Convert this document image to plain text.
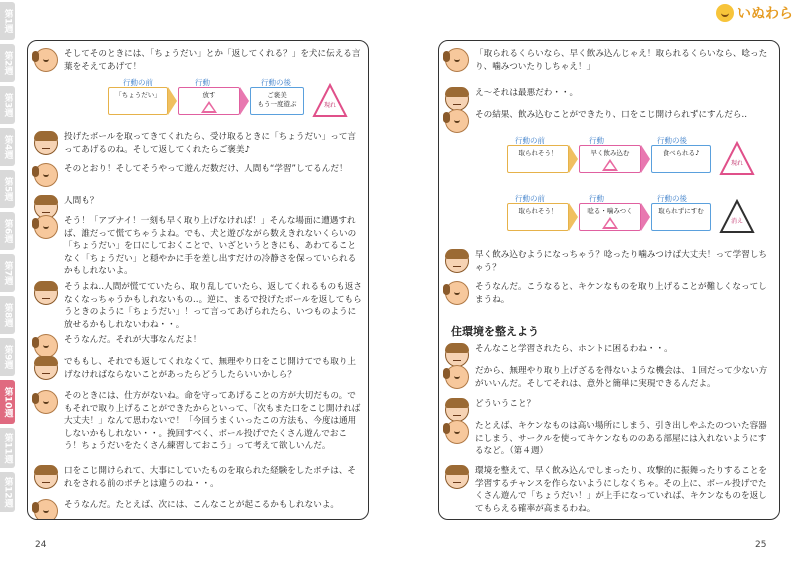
いぬわら
第1週
第2週
第3週
第4週
第5週
第6週
第7週
第8週
第9週
第10週
第11週
第12週
そしてそのときには、「ちょうだい」とか「返してくれる？」を犬に伝える言葉をそえてあげて！
行動の前	行動	行動の後
「ちょうだい」	放す	ご褒美
もう一度遊ぶ	現れ
投げたボールを取ってきてくれたら、受け取るときに「ちょうだい」って言ってあげるのね。そして返してくれたらご褒美♪
そのとおり！そしてそうやって遊んだ数だけ、人間も“学習”してるんだ！
人間も？
そう！「アブナイ！一刻も早く取り上げなければ！」そんな場面に遭遇すれば、誰だって慌てちゃうよね。でも、犬と遊びながら数えきれないくらいの「ちょうだい」を口にしておくことで、いざというときにも、あわてることなく「ちょうだい」と穏やかに手を差し出すだけの冷静さを保っていられるかもしれないよ。
そうよね‥人間が慌てていたら、取り乱していたら、返してくれるものも返さなくなっちゃうかもしれないもの‥。逆に、まるで投げたボールを返してもらうときのように「ちょうだい」！って言ってあげられたら、いつものように放せるかもしれないわね・・。
そうなんだ。それが大事なんだよ！
でももし、それでも返してくれなくて、無理やり口をこじ開けてでも取り上げなければならないことがあったらどうしたらいいかしら？
そのときには、仕方がないね。命を守ってあげることの方が大切だもの。でもそれで取り上げることができたからといって、「次もまた口をこじ開ければ大丈夫！」なんて思わないで！「今回うまくいったこの方法も、今度は通用しないかもしれない・・。挽回すべく、ボール投げでたくさん遊んでおこう！ちょうだいをたくさん練習しておこう」って考えて欲しいんだ。
口をこじ開けられて、大事にしていたものを取られた経験をしたポチは、それをされる前のポチとは違うのね・・。
そうなんだ。たとえば、次には、こんなことが起こるかもしれないよ。
「取られるくらいなら、早く飲み込んじゃえ！取られるくらいなら、唸ったり、噛みついたりしちゃえ！」
え〜それは最悪だわ・・。
その結果、飲み込むことができたり、口をこじ開けられずにすんだら‥
行動の前	行動	行動の後
取られそう！	早く飲み込む	食べられる♪
現れ
行動の前	行動	行動の後
取られそう！	唸る・噛みつく	取られずにすむ
消え
早く飲み込むようになっちゃう？唸ったり噛みつけば大丈夫！って学習しちゃう？
そうなんだ。こうなると、キケンなものを取り上げることが難しくなってしまうね。
住環境を整えよう
そんなこと学習されたら、ホントに困るわね・・。
だから、無理やり取り上げざるを得ないような機会は、１回だって少ない方がいいんだ。そしてそれは、意外と簡単に実現できるんだよ。
どういうこと？
たとえば、キケンなものは高い場所にしまう、引き出しやふたのついた容器にしまう、サークルを使ってキケンなもののある部屋には入れないようにするなど。（第４週）
環境を整えて、早く飲み込んでしまったり、攻撃的に振舞ったりすることを学習するチャンスを作らないようにしなくちゃ。その上に、ボール投げでたくさん遊んで「ちょうだい！」が上手になっていれば、キケンなものを返してもらえる確率が高まるわね。
24	25
